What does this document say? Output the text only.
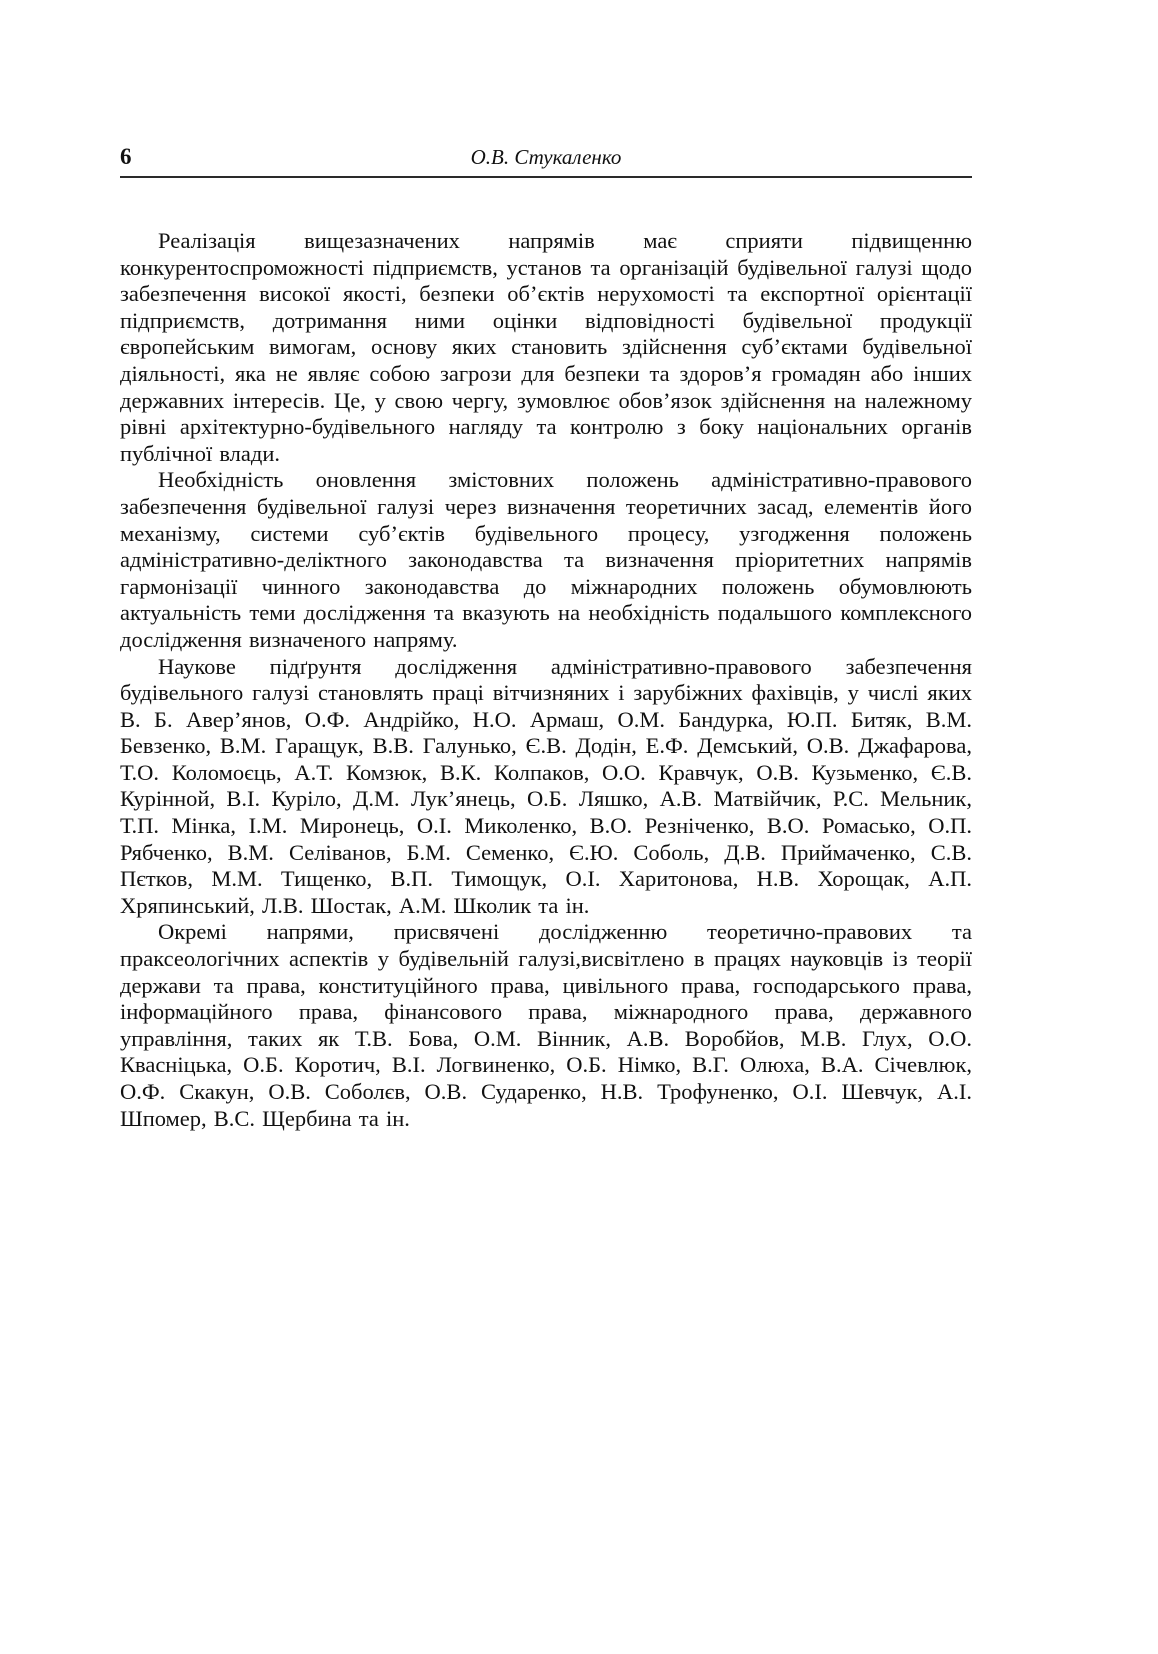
6	О.В. Стукаленко

Реалізація вищезазначених напрямів має сприяти підвищенню конкурентоспроможності підприємств, установ та організацій будівельної галузі щодо забезпечення високої якості, безпеки об’єктів нерухомості та експортної орієнтації підприємств, дотримання ними оцінки відповідності будівельної продукції європейським вимогам, основу яких становить здійснення суб’єктами будівельної діяльності, яка не являє собою загрози для безпеки та здоров’я громадян або інших державних інтересів. Це, у свою чергу, зумовлює обов’язок здійснення на належному рівні архітектурно-будівельного нагляду та контролю з боку національних органів публічної влади.

Необхідність оновлення змістовних положень адміністративно-правового забезпечення будівельної галузі через визначення теоретичних засад, елементів його механізму, системи суб’єктів будівельного процесу, узгодження положень адміністративно-деліктного законодавства та визначення пріоритетних напрямів гармонізації чинного законодавства до міжнародних положень обумовлюють актуальність теми дослідження та вказують на необхідність подальшого комплексного дослідження визначеного напряму.

Наукове підґрунтя дослідження адміністративно-правового забезпечення будівельного галузі становлять праці вітчизняних і зарубіжних фахівців, у числі яких В. Б. Авер’янов, О.Ф. Андрійко, Н.О. Армаш, О.М. Бандурка, Ю.П. Битяк, В.М. Бевзенко, В.М. Гаращук, В.В. Галунько, Є.В. Додін, Е.Ф. Демський, О.В. Джафарова, Т.О. Коломоєць, А.Т. Комзюк, В.К. Колпаков, О.О. Кравчук, О.В. Кузьменко, Є.В. Курінной, В.І. Куріло, Д.М. Лук’янець, О.Б. Ляшко, А.В. Матвійчик, Р.С. Мельник, Т.П. Мінка, І.М. Миронець, О.І. Миколенко, В.О. Резніченко, В.О. Ромасько, О.П. Рябченко, В.М. Селіванов, Б.М. Семенко, Є.Ю. Соболь, Д.В. Приймаченко, С.В. Пєтков, М.М. Тищенко, В.П. Тимощук, О.І. Харитонова, Н.В. Хорощак, А.П. Хряпинський, Л.В. Шостак, А.М. Школик та ін.

Окремі напрями, присвячені дослідженню теоретично-правових та праксеологічних аспектів у будівельній галузі,висвітлено в працях науковців із теорії держави та права, конституційного права, цивільного права, господарського права, інформаційного права, фінансового права, міжнародного права, державного управління, таких як Т.В. Бова, О.М. Вінник, А.В. Воробйов, М.В. Глух, О.О. Квасніцька, О.Б. Коротич, В.І. Логвиненко, О.Б. Німко, В.Г. Олюха, В.А. Січевлюк, О.Ф. Скакун, О.В. Соболєв, О.В. Сударенко, Н.В. Трофуненко, О.І. Шевчук, А.І. Шпомер, В.С. Щербина та ін.
